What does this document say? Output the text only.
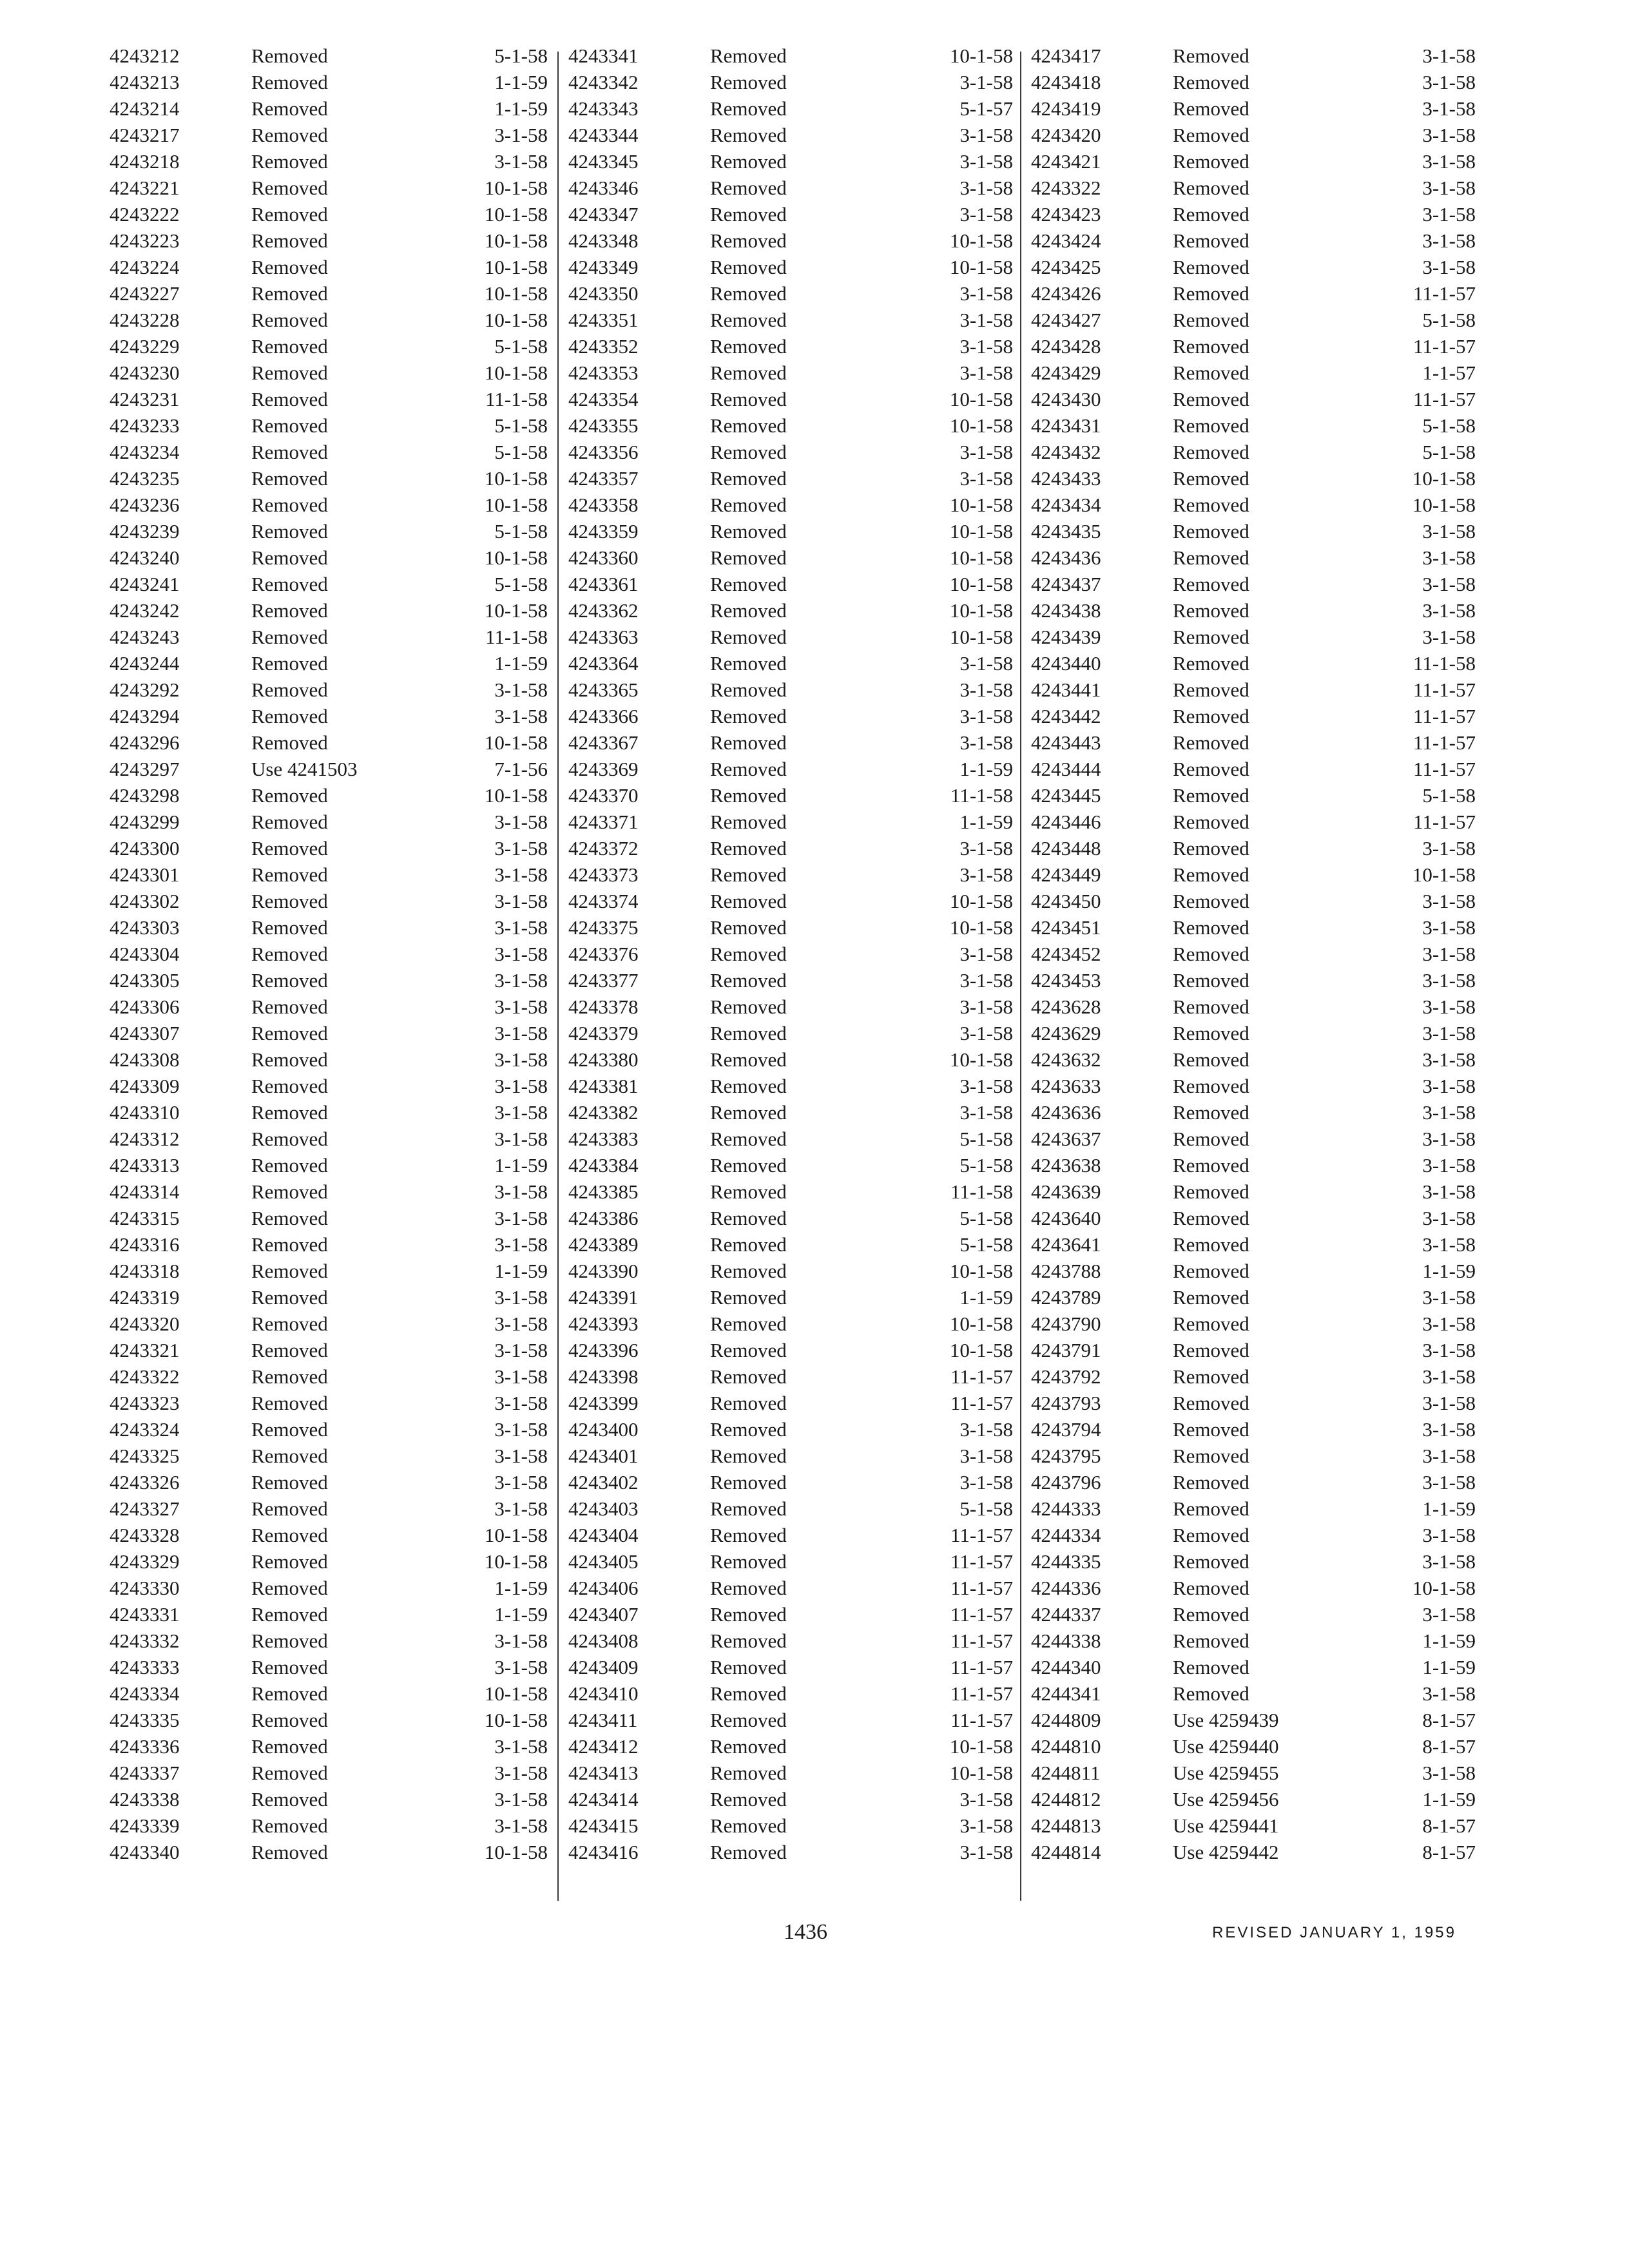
4243212	Removed	5-1-58
4243213	Removed	1-1-59
4243214	Removed	1-1-59
4243217	Removed	3-1-58
4243218	Removed	3-1-58
4243221	Removed	10-1-58
4243222	Removed	10-1-58
4243223	Removed	10-1-58
4243224	Removed	10-1-58
4243227	Removed	10-1-58
4243228	Removed	10-1-58
4243229	Removed	5-1-58
4243230	Removed	10-1-58
4243231	Removed	11-1-58
4243233	Removed	5-1-58
4243234	Removed	5-1-58
4243235	Removed	10-1-58
4243236	Removed	10-1-58
4243239	Removed	5-1-58
4243240	Removed	10-1-58
4243241	Removed	5-1-58
4243242	Removed	10-1-58
4243243	Removed	11-1-58
4243244	Removed	1-1-59
4243292	Removed	3-1-58
4243294	Removed	3-1-58
4243296	Removed	10-1-58
4243297	Use 4241503	7-1-56
4243298	Removed	10-1-58
4243299	Removed	3-1-58
4243300	Removed	3-1-58
4243301	Removed	3-1-58
4243302	Removed	3-1-58
4243303	Removed	3-1-58
4243304	Removed	3-1-58
4243305	Removed	3-1-58
4243306	Removed	3-1-58
4243307	Removed	3-1-58
4243308	Removed	3-1-58
4243309	Removed	3-1-58
4243310	Removed	3-1-58
4243312	Removed	3-1-58
4243313	Removed	1-1-59
4243314	Removed	3-1-58
4243315	Removed	3-1-58
4243316	Removed	3-1-58
4243318	Removed	1-1-59
4243319	Removed	3-1-58
4243320	Removed	3-1-58
4243321	Removed	3-1-58
4243322	Removed	3-1-58
4243323	Removed	3-1-58
4243324	Removed	3-1-58
4243325	Removed	3-1-58
4243326	Removed	3-1-58
4243327	Removed	3-1-58
4243328	Removed	10-1-58
4243329	Removed	10-1-58
4243330	Removed	1-1-59
4243331	Removed	1-1-59
4243332	Removed	3-1-58
4243333	Removed	3-1-58
4243334	Removed	10-1-58
4243335	Removed	10-1-58
4243336	Removed	3-1-58
4243337	Removed	3-1-58
4243338	Removed	3-1-58
4243339	Removed	3-1-58
4243340	Removed	10-1-58
4243341	Removed	10-1-58
4243342	Removed	3-1-58
4243343	Removed	5-1-57
4243344	Removed	3-1-58
4243345	Removed	3-1-58
4243346	Removed	3-1-58
4243347	Removed	3-1-58
4243348	Removed	10-1-58
4243349	Removed	10-1-58
4243350	Removed	3-1-58
4243351	Removed	3-1-58
4243352	Removed	3-1-58
4243353	Removed	3-1-58
4243354	Removed	10-1-58
4243355	Removed	10-1-58
4243356	Removed	3-1-58
4243357	Removed	3-1-58
4243358	Removed	10-1-58
4243359	Removed	10-1-58
4243360	Removed	10-1-58
4243361	Removed	10-1-58
4243362	Removed	10-1-58
4243363	Removed	10-1-58
4243364	Removed	3-1-58
4243365	Removed	3-1-58
4243366	Removed	3-1-58
4243367	Removed	3-1-58
4243369	Removed	1-1-59
4243370	Removed	11-1-58
4243371	Removed	1-1-59
4243372	Removed	3-1-58
4243373	Removed	3-1-58
4243374	Removed	10-1-58
4243375	Removed	10-1-58
4243376	Removed	3-1-58
4243377	Removed	3-1-58
4243378	Removed	3-1-58
4243379	Removed	3-1-58
4243380	Removed	10-1-58
4243381	Removed	3-1-58
4243382	Removed	3-1-58
4243383	Removed	5-1-58
4243384	Removed	5-1-58
4243385	Removed	11-1-58
4243386	Removed	5-1-58
4243389	Removed	5-1-58
4243390	Removed	10-1-58
4243391	Removed	1-1-59
4243393	Removed	10-1-58
4243396	Removed	10-1-58
4243398	Removed	11-1-57
4243399	Removed	11-1-57
4243400	Removed	3-1-58
4243401	Removed	3-1-58
4243402	Removed	3-1-58
4243403	Removed	5-1-58
4243404	Removed	11-1-57
4243405	Removed	11-1-57
4243406	Removed	11-1-57
4243407	Removed	11-1-57
4243408	Removed	11-1-57
4243409	Removed	11-1-57
4243410	Removed	11-1-57
4243411	Removed	11-1-57
4243412	Removed	10-1-58
4243413	Removed	10-1-58
4243414	Removed	3-1-58
4243415	Removed	3-1-58
4243416	Removed	3-1-58
4243417	Removed	3-1-58
4243418	Removed	3-1-58
4243419	Removed	3-1-58
4243420	Removed	3-1-58
4243421	Removed	3-1-58
4243322	Removed	3-1-58
4243423	Removed	3-1-58
4243424	Removed	3-1-58
4243425	Removed	3-1-58
4243426	Removed	11-1-57
4243427	Removed	5-1-58
4243428	Removed	11-1-57
4243429	Removed	1-1-57
4243430	Removed	11-1-57
4243431	Removed	5-1-58
4243432	Removed	5-1-58
4243433	Removed	10-1-58
4243434	Removed	10-1-58
4243435	Removed	3-1-58
4243436	Removed	3-1-58
4243437	Removed	3-1-58
4243438	Removed	3-1-58
4243439	Removed	3-1-58
4243440	Removed	11-1-58
4243441	Removed	11-1-57
4243442	Removed	11-1-57
4243443	Removed	11-1-57
4243444	Removed	11-1-57
4243445	Removed	5-1-58
4243446	Removed	11-1-57
4243448	Removed	3-1-58
4243449	Removed	10-1-58
4243450	Removed	3-1-58
4243451	Removed	3-1-58
4243452	Removed	3-1-58
4243453	Removed	3-1-58
4243628	Removed	3-1-58
4243629	Removed	3-1-58
4243632	Removed	3-1-58
4243633	Removed	3-1-58
4243636	Removed	3-1-58
4243637	Removed	3-1-58
4243638	Removed	3-1-58
4243639	Removed	3-1-58
4243640	Removed	3-1-58
4243641	Removed	3-1-58
4243788	Removed	1-1-59
4243789	Removed	3-1-58
4243790	Removed	3-1-58
4243791	Removed	3-1-58
4243792	Removed	3-1-58
4243793	Removed	3-1-58
4243794	Removed	3-1-58
4243795	Removed	3-1-58
4243796	Removed	3-1-58
4244333	Removed	1-1-59
4244334	Removed	3-1-58
4244335	Removed	3-1-58
4244336	Removed	10-1-58
4244337	Removed	3-1-58
4244338	Removed	1-1-59
4244340	Removed	1-1-59
4244341	Removed	3-1-58
4244809	Use 4259439	8-1-57
4244810	Use 4259440	8-1-57
4244811	Use 4259455	3-1-58
4244812	Use 4259456	1-1-59
4244813	Use 4259441	8-1-57
4244814	Use 4259442	8-1-57
1436	REVISED JANUARY 1, 1959
